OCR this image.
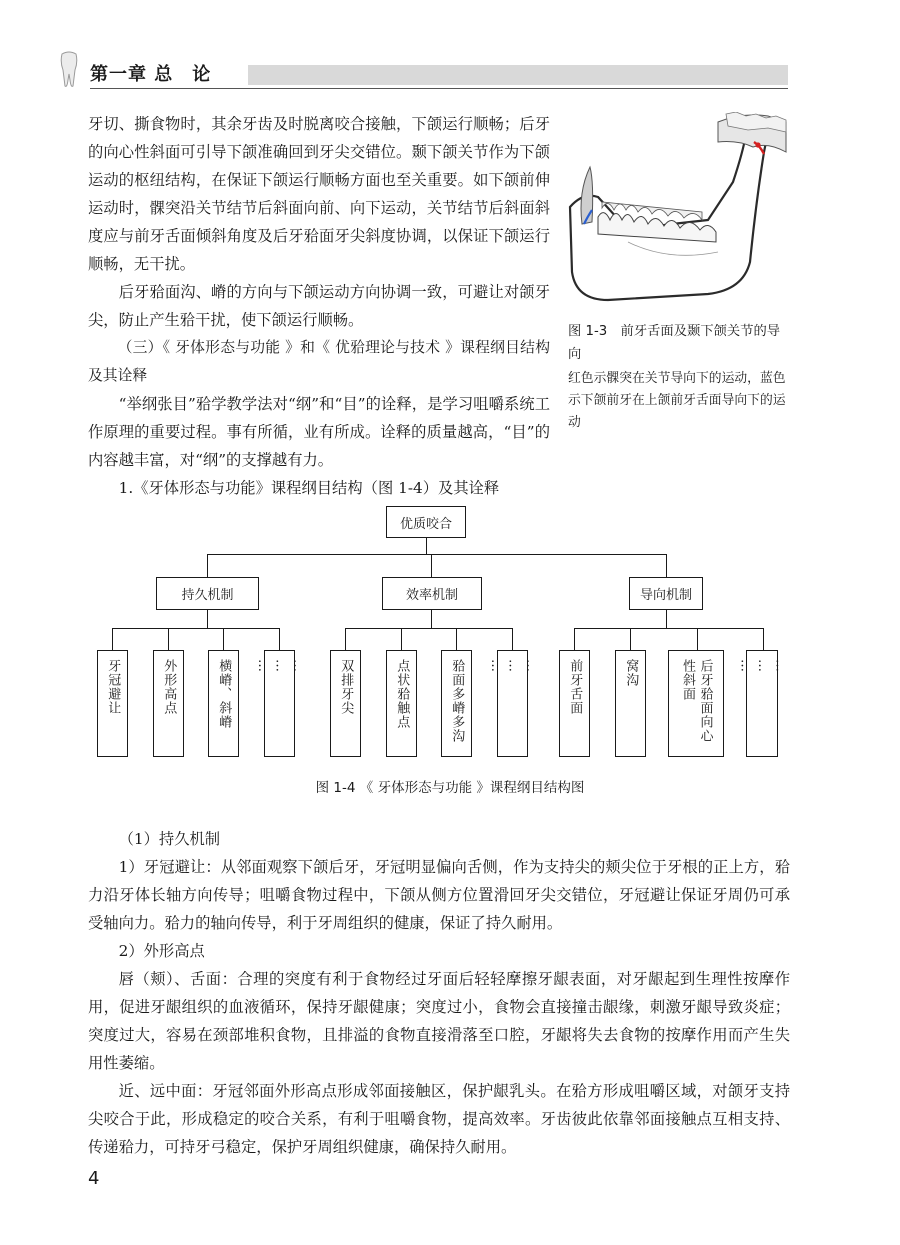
第一章 总　论

牙切、撕食物时，其余牙齿及时脱离咬合接触，下颌运行顺畅；后牙的向心性斜面可引导下颌准确回到牙尖交错位。颞下颌关节作为下颌运动的枢纽结构，在保证下颌运行顺畅方面也至关重要。如下颌前伸运动时，髁突沿关节结节后斜面向前、向下运动，关节结节后斜面斜度应与前牙舌面倾斜角度及后牙𬌗面牙尖斜度协调，以保证下颌运行顺畅，无干扰。

后牙𬌗面沟、嵴的方向与下颌运动方向协调一致，可避让对颌牙尖，防止产生𬌗干扰，使下颌运行顺畅。

（三）《 牙体形态与功能 》和《 优𬌗理论与技术 》课程纲目结构及其诠释

“举纲张目”𬌗学教学法对“纲”和“目”的诠释，是学习咀嚼系统工作原理的重要过程。事有所循，业有所成。诠释的质量越高，“目”的内容越丰富，对“纲”的支撑越有力。

1.《牙体形态与功能》课程纲目结构（图 1-4）及其诠释

图 1-3　前牙舌面及颞下颌关节的导向
红色示髁突在关节导向下的运动，蓝色示下颌前牙在上颌前牙舌面导向下的运动
优质咬合
持久机制
牙冠避让	外形高点	横嵴、斜嵴	…
…
…
效率机制
双排牙尖	点状𬌗触点	𬌗面多嵴多沟	…
…
…
导向机制
前牙舌面	窝沟	后牙𬌗面向心
性斜面	…
…
…
图 1-4 《 牙体形态与功能 》课程纲目结构图

（1）持久机制

1）牙冠避让：从邻面观察下颌后牙，牙冠明显偏向舌侧，作为支持尖的颊尖位于牙根的正上方，𬌗力沿牙体长轴方向传导；咀嚼食物过程中，下颌从侧方位置滑回牙尖交错位，牙冠避让保证牙周仍可承受轴向力。𬌗力的轴向传导，利于牙周组织的健康，保证了持久耐用。

2）外形高点

唇（颊）、舌面：合理的突度有利于食物经过牙面后轻轻摩擦牙龈表面，对牙龈起到生理性按摩作用，促进牙龈组织的血液循环，保持牙龈健康；突度过小，食物会直接撞击龈缘，刺激牙龈导致炎症；突度过大，容易在颈部堆积食物，且排溢的食物直接滑落至口腔，牙龈将失去食物的按摩作用而产生失用性萎缩。

近、远中面：牙冠邻面外形高点形成邻面接触区，保护龈乳头。在𬌗方形成咀嚼区域，对颌牙支持尖咬合于此，形成稳定的咬合关系，有利于咀嚼食物，提高效率。牙齿彼此依靠邻面接触点互相支持、传递𬌗力，可持牙弓稳定，保护牙周组织健康，确保持久耐用。

4
